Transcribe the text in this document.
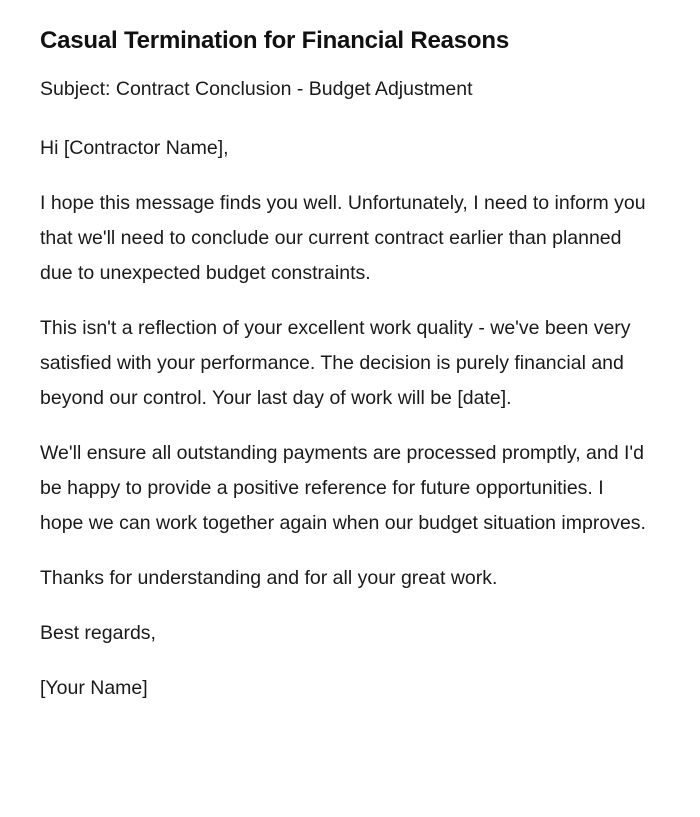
Casual Termination for Financial Reasons

Subject: Contract Conclusion - Budget Adjustment

Hi [Contractor Name],

I hope this message finds you well. Unfortunately, I need to inform you that we'll need to conclude our current contract earlier than planned due to unexpected budget constraints.

This isn't a reflection of your excellent work quality - we've been very satisfied with your performance. The decision is purely financial and beyond our control. Your last day of work will be [date].

We'll ensure all outstanding payments are processed promptly, and I'd be happy to provide a positive reference for future opportunities. I hope we can work together again when our budget situation improves.

Thanks for understanding and for all your great work.

Best regards,

[Your Name]
